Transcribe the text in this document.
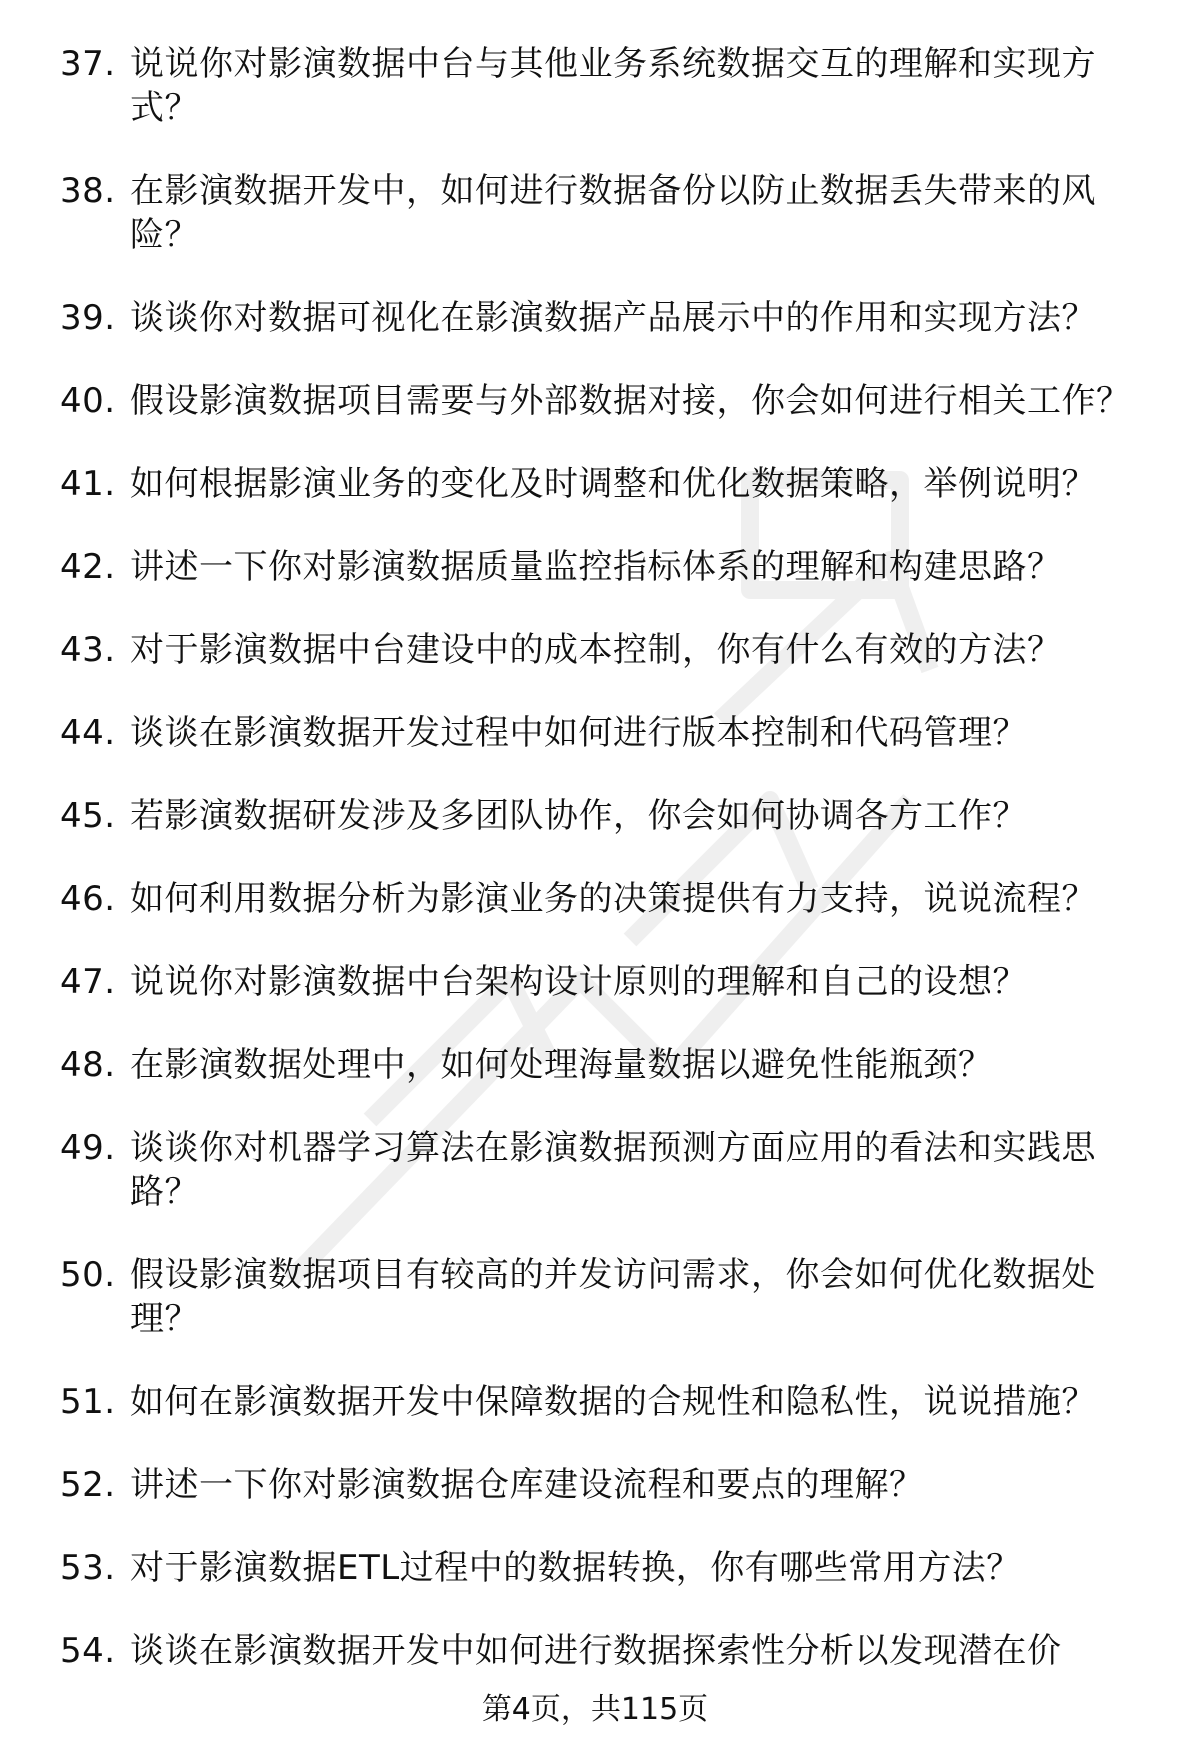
37. 说说你对影演数据中台与其他业务系统数据交互的理解和实现方式？
38. 在影演数据开发中，如何进行数据备份以防止数据丢失带来的风险？
39. 谈谈你对数据可视化在影演数据产品展示中的作用和实现方法？
40. 假设影演数据项目需要与外部数据对接，你会如何进行相关工作？
41. 如何根据影演业务的变化及时调整和优化数据策略，举例说明？
42. 讲述一下你对影演数据质量监控指标体系的理解和构建思路？
43. 对于影演数据中台建设中的成本控制，你有什么有效的方法？
44. 谈谈在影演数据开发过程中如何进行版本控制和代码管理？
45. 若影演数据研发涉及多团队协作，你会如何协调各方工作？
46. 如何利用数据分析为影演业务的决策提供有力支持，说说流程？
47. 说说你对影演数据中台架构设计原则的理解和自己的设想？
48. 在影演数据处理中，如何处理海量数据以避免性能瓶颈？
49. 谈谈你对机器学习算法在影演数据预测方面应用的看法和实践思路？
50. 假设影演数据项目有较高的并发访问需求，你会如何优化数据处理？
51. 如何在影演数据开发中保障数据的合规性和隐私性，说说措施？
52. 讲述一下你对影演数据仓库建设流程和要点的理解？
53. 对于影演数据ETL过程中的数据转换，你有哪些常用方法？
54. 谈谈在影演数据开发中如何进行数据探索性分析以发现潜在价
第4页，共115页
